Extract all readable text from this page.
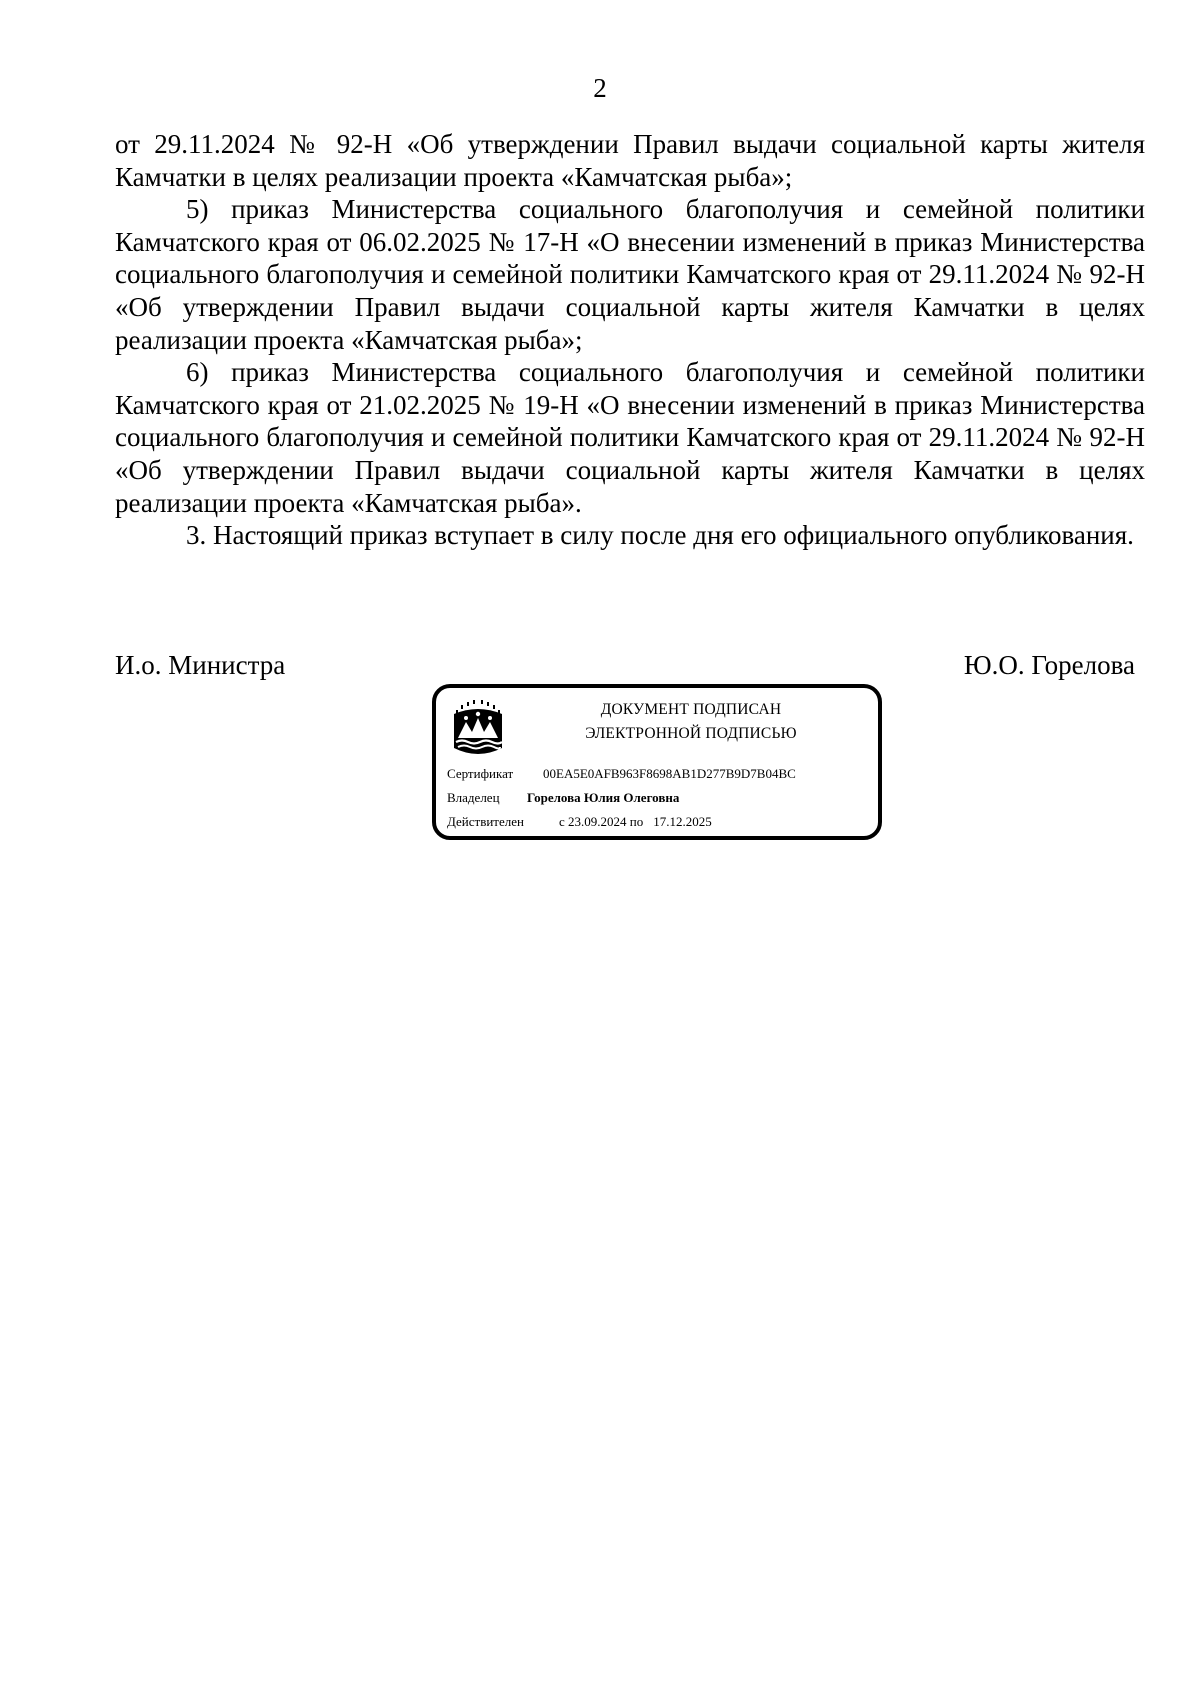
2

от 29.11.2024 № 92-Н «Об утверждении Правил выдачи социальной карты жителя Камчатки в целях реализации проекта «Камчатская рыба»;

5) приказ Министерства социального благополучия и семейной политики Камчатского края от 06.02.2025 № 17-Н «О внесении изменений в приказ Министерства социального благополучия и семейной политики Камчатского края от 29.11.2024 № 92-Н «Об утверждении Правил выдачи социальной карты жителя Камчатки в целях реализации проекта «Камчатская рыба»;

6) приказ Министерства социального благополучия и семейной политики Камчатского края от 21.02.2025 № 19-Н «О внесении изменений в приказ Министерства социального благополучия и семейной политики Камчатского края от 29.11.2024 № 92-Н «Об утверждении Правил выдачи социальной карты жителя Камчатки в целях реализации проекта «Камчатская рыба».

3. Настоящий приказ вступает в силу после дня его официального опубликования.

И.о. Министра	Ю.О. Горелова
ДОКУМЕНТ ПОДПИСАН
ЭЛЕКТРОННОЙ ПОДПИСЬЮ
Сертификат 00EA5E0AFB963F8698AB1D277B9D7B04BC
Владелец Горелова Юлия Олеговна
Действителен	с 23.09.2024 по 17.12.2025
